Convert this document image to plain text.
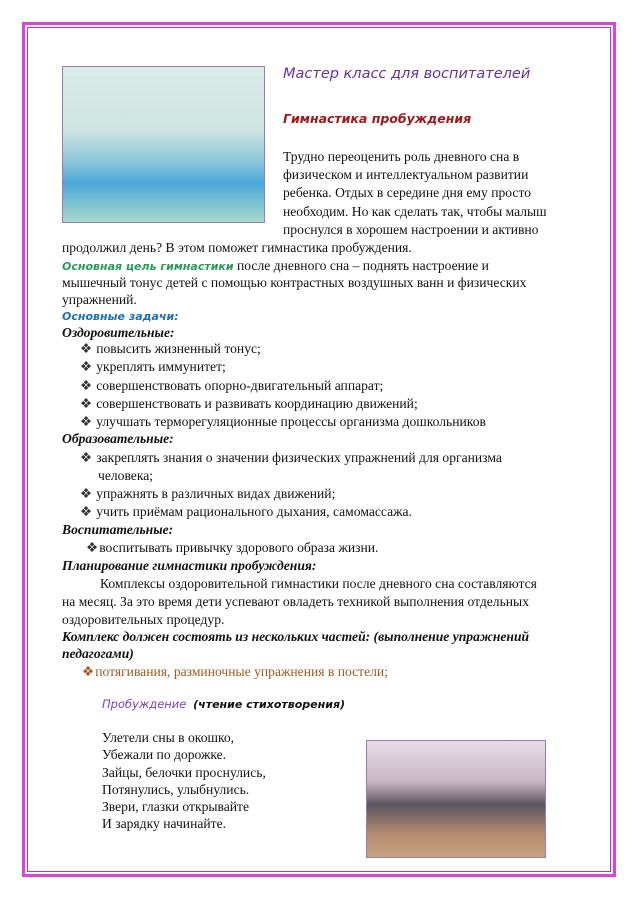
Мастер класс для воспитателей
Гимнастика пробуждения
Трудно переоценить роль дневного сна в
физическом и интеллектуальном развитии
ребенка. Отдых в середине дня ему просто
необходим. Но как сделать так, чтобы малыш
проснулся в хорошем настроении и активно
продолжил день? В этом поможет гимнастика пробуждения.
Основная цель гимнастики после дневного сна – поднять настроение и
мышечный тонус детей с помощью контрастных воздушных ванн и физических
упражнений.
Основные задачи:
Оздоровительные:
❖ повысить жизненный тонус;
❖ укреплять иммунитет;
❖ совершенствовать опорно-двигательный аппарат;
❖ совершенствовать и развивать координацию движений;
❖ улучшать терморегуляционные процессы организма дошкольников
Образовательные:
❖ закреплять знания о значении физических упражнений для организма
человека;
❖ упражнять в различных видах движений;
❖ учить приёмам рационального дыхания, самомассажа.
Воспитательные:
❖воспитывать привычку здорового образа жизни.
Планирование гимнастики пробуждения:
Комплексы оздоровительной гимнастики после дневного сна составляются
на месяц. За это время дети успевают овладеть техникой выполнения отдельных
оздоровительных процедур.
Комплекс должен состоять из нескольких частей: (выполнение упражнений
педагогами)
❖потягивания, разминочные упражнения в постели;
Пробуждение (чтение стихотворения)
Улетели сны в окошко,
Убежали по дорожке.
Зайцы, белочки проснулись,
Потянулись, улыбнулись.
Звери, глазки открывайте
И зарядку начинайте.
